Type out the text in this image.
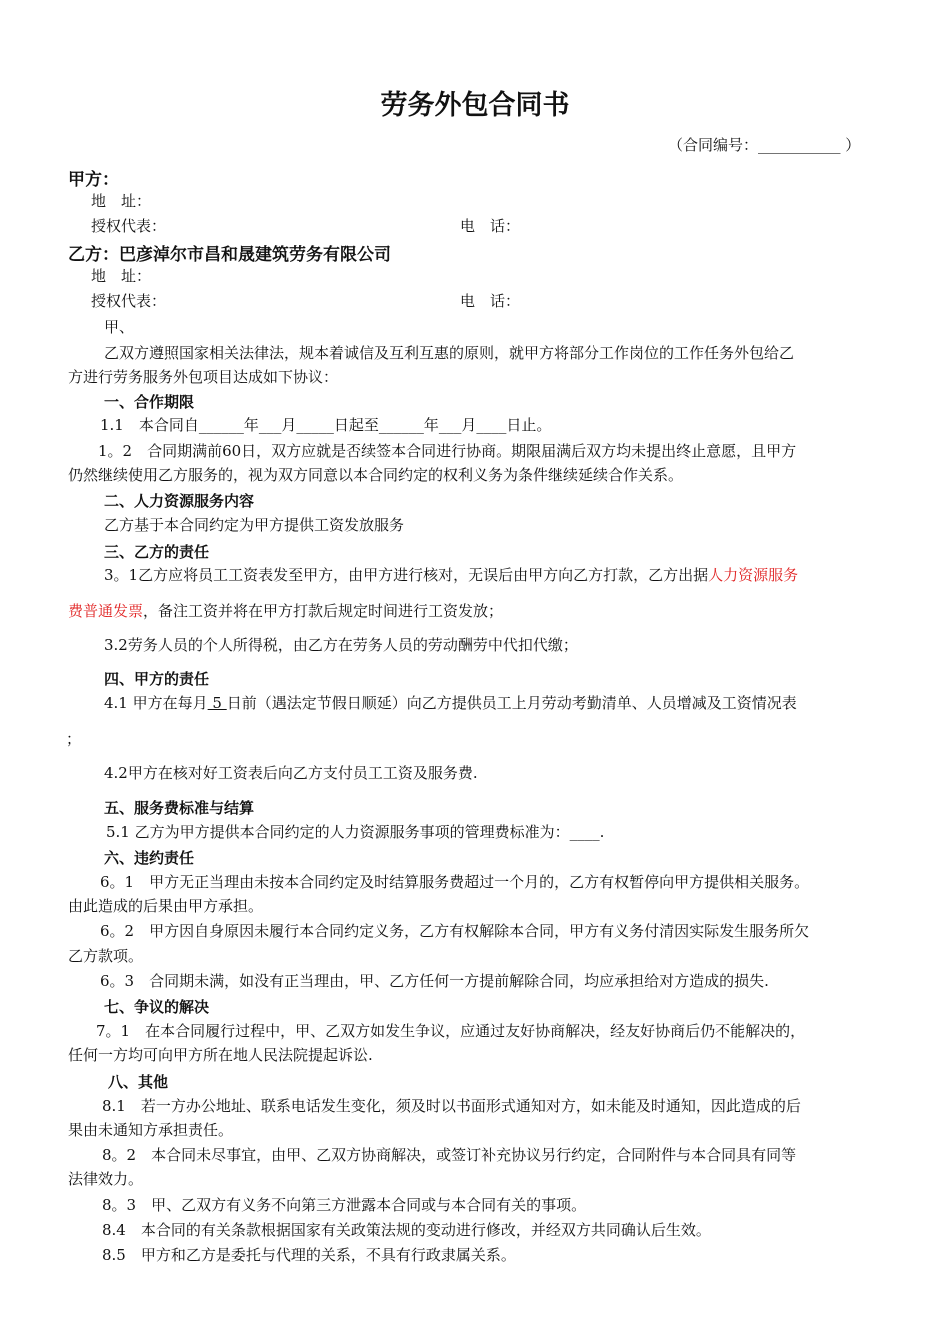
劳务外包合同书
（合同编号：___________ ）
甲方：
地　址：
授权代表：	电　话：
乙方：巴彦淖尔市昌和晟建筑劳务有限公司
地　址：
授权代表：	电　话：
甲、
乙双方遵照国家相关法律法，规本着诚信及互利互惠的原则，就甲方将部分工作岗位的工作任务外包给乙
方进行劳务服务外包项目达成如下协议：
一、合作期限
1.1　本合同自______年___月_____日起至______年___月____日止。
1。2　合同期满前60日，双方应就是否续签本合同进行协商。期限届满后双方均未提出终止意愿，且甲方
仍然继续使用乙方服务的，视为双方同意以本合同约定的权利义务为条件继续延续合作关系。
二、人力资源服务内容
乙方基于本合同约定为甲方提供工资发放服务
三、乙方的责任
3。1乙方应将员工工资表发至甲方，由甲方进行核对，无误后由甲方向乙方打款，乙方出据人力资源服务
费普通发票，备注工资并将在甲方打款后规定时间进行工资发放；
3.2劳务人员的个人所得税，由乙方在劳务人员的劳动酬劳中代扣代缴；
四、甲方的责任
4.1 甲方在每月 5 日前（遇法定节假日顺延）向乙方提供员工上月劳动考勤清单、人员增减及工资情况表
；
4.2甲方在核对好工资表后向乙方支付员工工资及服务费.
五、服务费标准与结算
5.1 乙方为甲方提供本合同约定的人力资源服务事项的管理费标准为：____.
六、违约责任
6。1　甲方无正当理由未按本合同约定及时结算服务费超过一个月的，乙方有权暂停向甲方提供相关服务。
由此造成的后果由甲方承担。
6。2　甲方因自身原因未履行本合同约定义务，乙方有权解除本合同，甲方有义务付清因实际发生服务所欠
乙方款项。
6。3　合同期未满，如没有正当理由，甲、乙方任何一方提前解除合同，均应承担给对方造成的损失.
七、争议的解决
7。1　在本合同履行过程中，甲、乙双方如发生争议，应通过友好协商解决，经友好协商后仍不能解决的，
任何一方均可向甲方所在地人民法院提起诉讼.
八、其他
8.1　若一方办公地址、联系电话发生变化，须及时以书面形式通知对方，如未能及时通知，因此造成的后
果由未通知方承担责任。
8。2　本合同未尽事宜，由甲、乙双方协商解决，或签订补充协议另行约定，合同附件与本合同具有同等
法律效力。
8。3　甲、乙双方有义务不向第三方泄露本合同或与本合同有关的事项。
8.4　本合同的有关条款根据国家有关政策法规的变动进行修改，并经双方共同确认后生效。
8.5　甲方和乙方是委托与代理的关系，不具有行政隶属关系。
